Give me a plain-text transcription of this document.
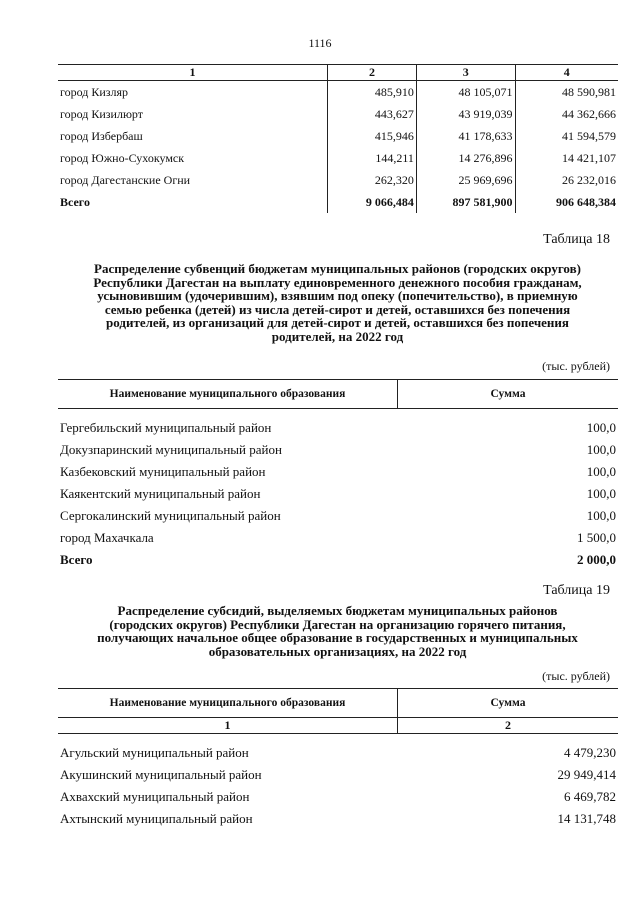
1116
1	2	3	4
город Кизляр	485,910	48 105,071	48 590,981
город Кизилюрт	443,627	43 919,039	44 362,666
город Избербаш	415,946	41 178,633	41 594,579
город Южно-Сухокумск	144,211	14 276,896	14 421,107
город Дагестанские Огни	262,320	25 969,696	26 232,016
Всего	9 066,484	897 581,900	906 648,384
Таблица 18
Распределение субвенций бюджетам муниципальных районов (городских округов)
Республики Дагестан на выплату единовременного денежного пособия гражданам,
усыновившим (удочерившим), взявшим под опеку (попечительство), в приемную
семью ребенка (детей) из числа детей-сирот и детей, оставшихся без попечения
родителей, из организаций для детей-сирот и детей, оставшихся без попечения
родителей, на 2022 год
(тыс. рублей)
Наименование муниципального образования	Сумма

Гергебильский муниципальный район	100,0
Докузпаринский муниципальный район	100,0
Казбековский муниципальный район	100,0
Каякентский муниципальный район	100,0
Сергокалинский муниципальный район	100,0
город Махачкала	1 500,0
Всего	2 000,0
Таблица 19
Распределение субсидий, выделяемых бюджетам муниципальных районов
(городских округов) Республики Дагестан на организацию горячего питания,
получающих начальное общее образование в государственных и муниципальных
образовательных организациях, на 2022 год
(тыс. рублей)
Наименование муниципального образования	Сумма
1	2

Агульский муниципальный район	4 479,230
Акушинский муниципальный район	29 949,414
Ахвахский муниципальный район	6 469,782
Ахтынский муниципальный район	14 131,748
